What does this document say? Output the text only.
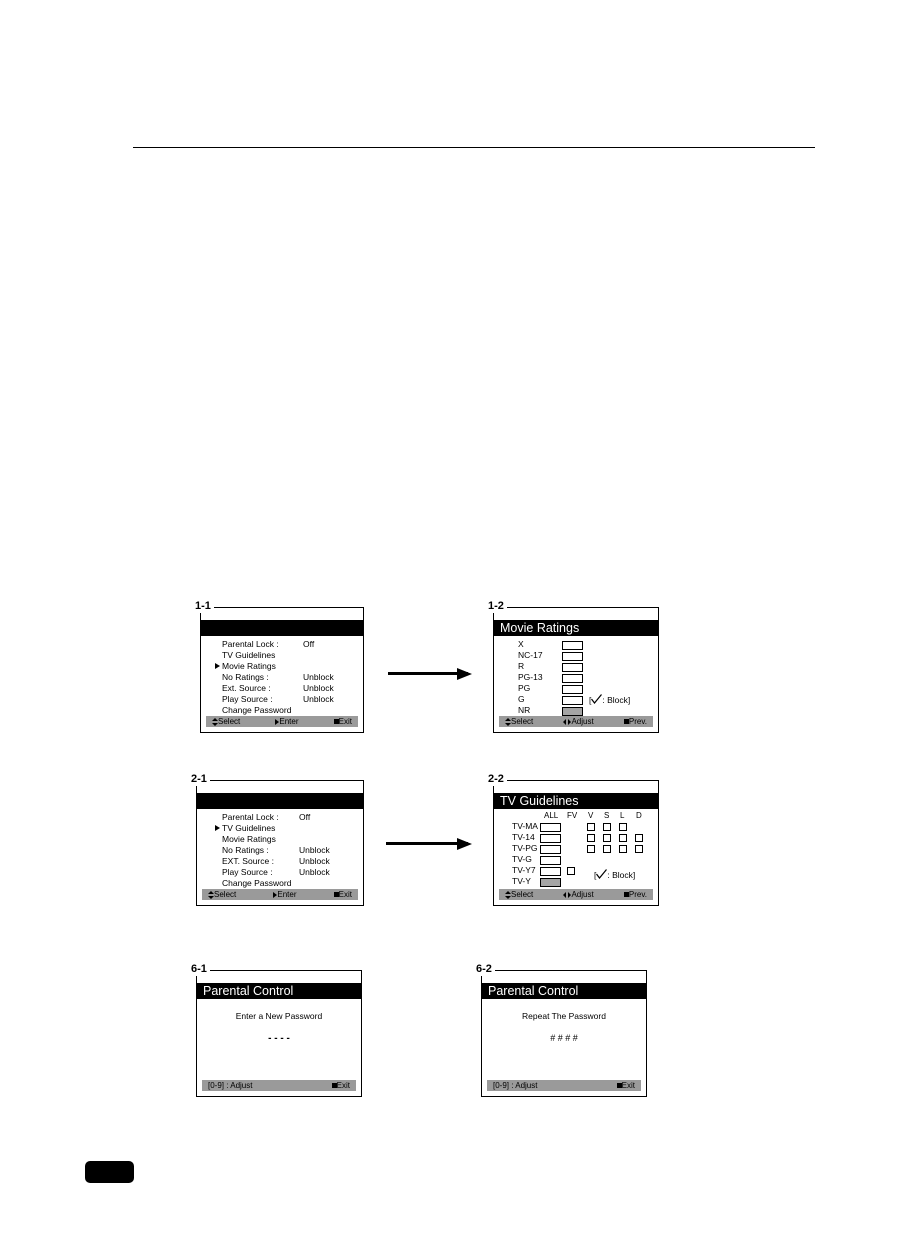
1-1
Parental Lock :	Off
TV Guidelines
Movie Ratings
No Ratings :	Unblock
Ext. Source :	Unblock
Play Source :	Unblock
Change Password
Select	Enter	Exit
1-2
Movie Ratings
X
NC-17
R
PG-13
PG
G
NR
[ : Block]
Select	Adjust	Prev.
2-1
Parental Lock : Off
TV Guidelines
Movie Ratings
No Ratings :	Unblock
EXT. Source :	Unblock
Play Source :	Unblock
Change Password
Select	Enter	Exit
2-2
TV Guidelines
ALL FV V S L D
TV-MA
TV-14
TV-PG
TV-G
TV-Y7
TV-Y
[ : Block]
Select	Adjust	Prev.
6-1
Parental Control
Enter a New Password
- - - -
[0-9] : Adjust	Exit
6-2
Parental Control
Repeat The Password
# # # #
[0-9] : Adjust	Exit
